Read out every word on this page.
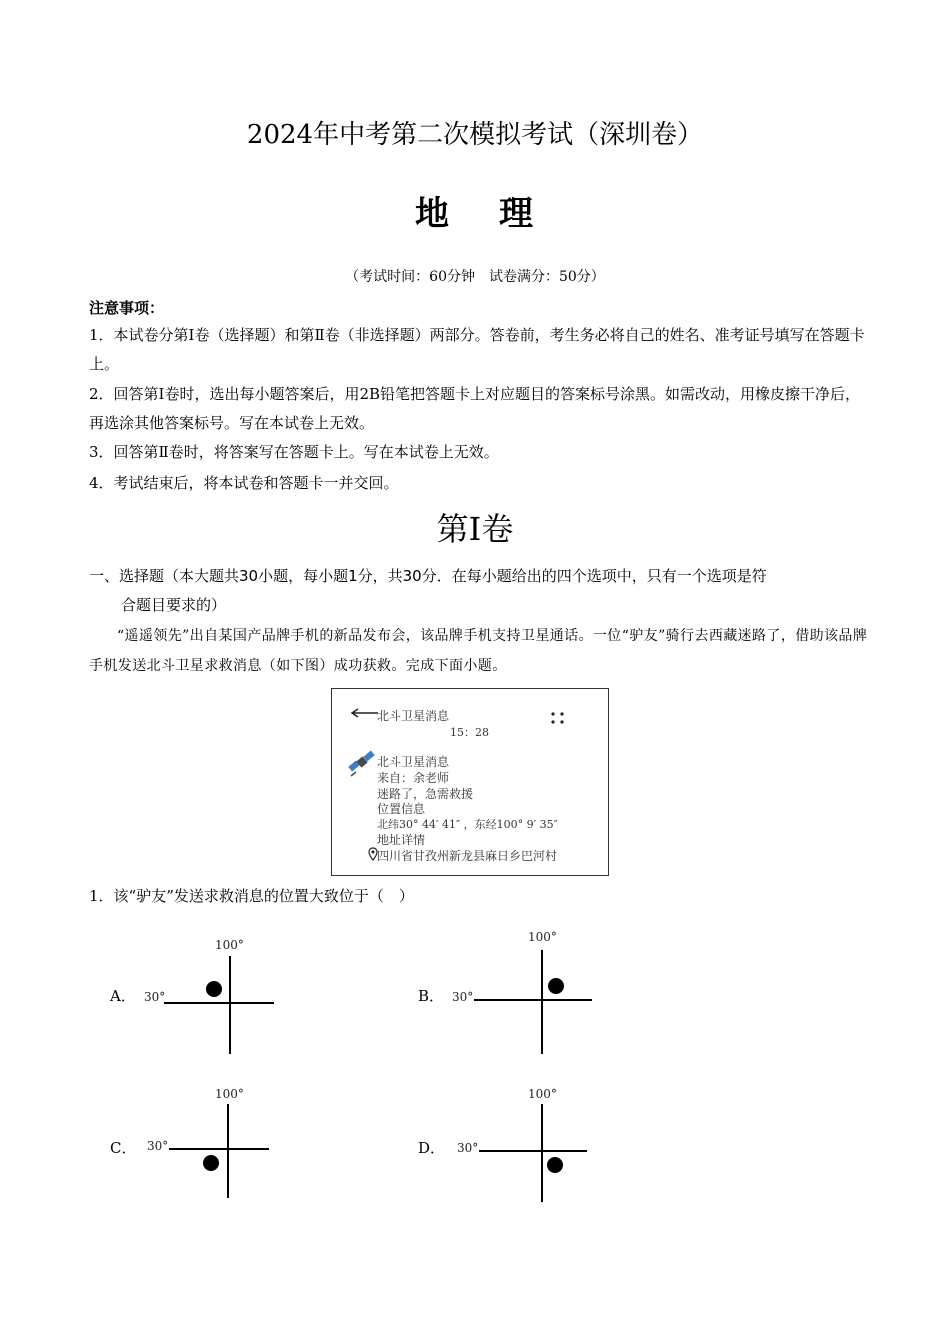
2024年中考第二次模拟考试（深圳卷）
地 理
（考试时间：60分钟　试卷满分：50分）
注意事项：
1．本试卷分第Ⅰ卷（选择题）和第Ⅱ卷（非选择题）两部分。答卷前，考生务必将自己的姓名、准考证号填写在答题卡上。
2．回答第Ⅰ卷时，选出每小题答案后，用2B铅笔把答题卡上对应题目的答案标号涂黑。如需改动，用橡皮擦干净后，再选涂其他答案标号。写在本试卷上无效。
3．回答第Ⅱ卷时，将答案写在答题卡上。写在本试卷上无效。
4．考试结束后，将本试卷和答题卡一并交回。
第Ⅰ卷
一、选择题（本大题共30小题，每小题1分，共30分．在每小题给出的四个选项中，只有一个选项是符
合题目要求的）
“遥遥领先”出自某国产品牌手机的新品发布会，该品牌手机支持卫星通话。一位“驴友”骑行去西藏迷路了，借助该品牌手机发送北斗卫星求救消息（如下图）成功获救。完成下面小题。
北斗卫星消息
15：28
北斗卫星消息
来自：余老师
迷路了，急需救援
位置信息
北纬30° 44′ 41″ ，东经100° 9′ 35″
地址详情
四川省甘孜州新龙县麻日乡巴河村
1．该“驴友”发送求救消息的位置大致位于（　）
A．
100°
30°	B．
100°
30°
C．
100°
30°	D．
100°
30°
